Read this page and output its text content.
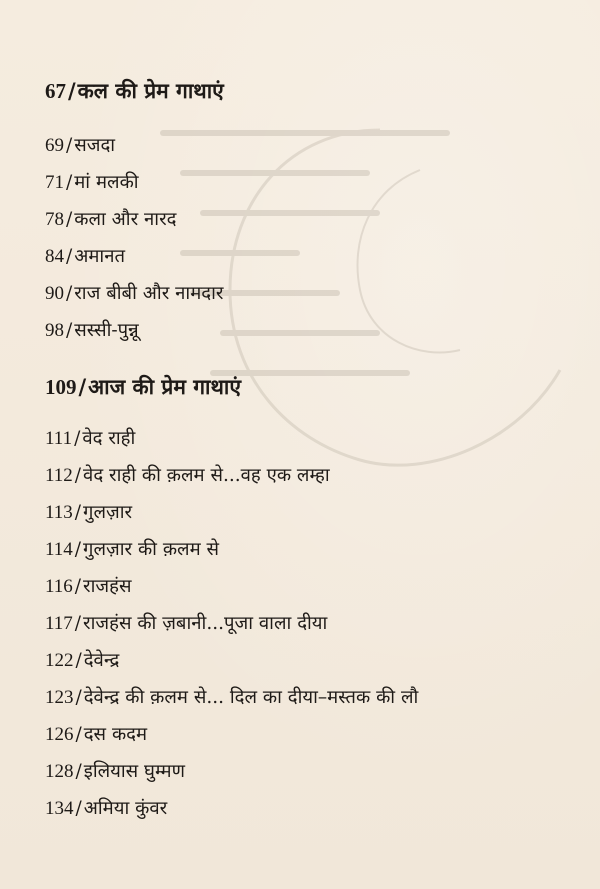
67/कल की प्रेम गाथाएं
69 / सजदा
71 / मां मलकी
78 / कला और नारद
84 / अमानत
90 / राज बीबी और नामदार
98 / सस्सी-पुन्नू
109/आज की प्रेम गाथाएं
111 / वेद राही
112 / वेद राही की क़लम से...वह एक लम्हा
113 / गुलज़ार
114 / गुलज़ार की क़लम से
116 / राजहंस
117 / राजहंस की ज़बानी...पूजा वाला दीया
122 / देवेन्द्र
123 / देवेन्द्र की क़लम से... दिल का दीया–मस्तक की लौ
126 / दस कदम
128 / इलियास घुम्मण
134 / अमिया कुंवर
